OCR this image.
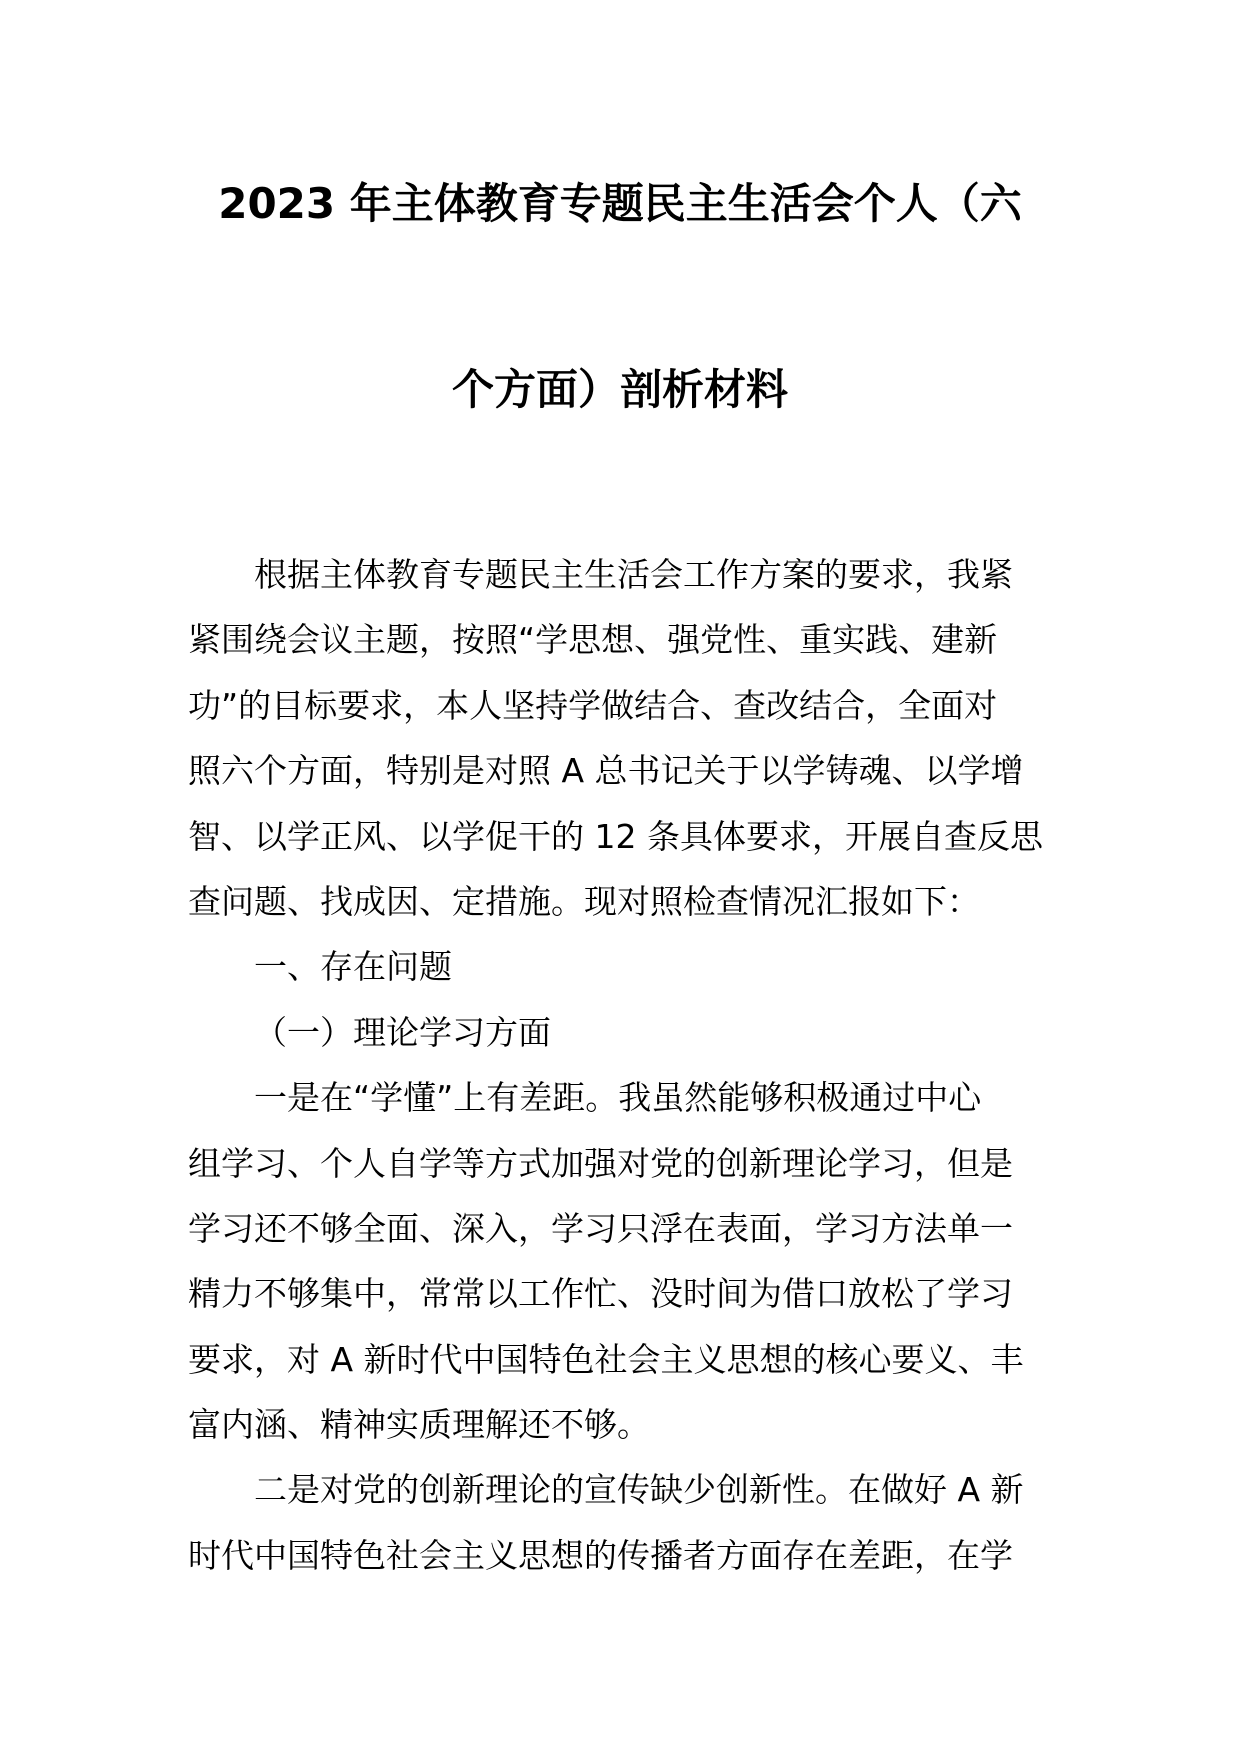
2023 年主体教育专题民主生活会个人（六
个方面）剖析材料
根据主体教育专题民主生活会工作方案的要求，我紧
紧围绕会议主题，按照“学思想、强党性、重实践、建新
功”的目标要求，本人坚持学做结合、查改结合，全面对
照六个方面，特别是对照 A 总书记关于以学铸魂、以学增
智、以学正风、以学促干的 12 条具体要求，开展自查反思
查问题、找成因、定措施。现对照检查情况汇报如下：
一、存在问题
（一）理论学习方面
一是在“学懂”上有差距。我虽然能够积极通过中心
组学习、个人自学等方式加强对党的创新理论学习，但是
学习还不够全面、深入，学习只浮在表面，学习方法单一
精力不够集中，常常以工作忙、没时间为借口放松了学习
要求，对 A 新时代中国特色社会主义思想的核心要义、丰
富内涵、精神实质理解还不够。
二是对党的创新理论的宣传缺少创新性。在做好 A 新
时代中国特色社会主义思想的传播者方面存在差距，在学
